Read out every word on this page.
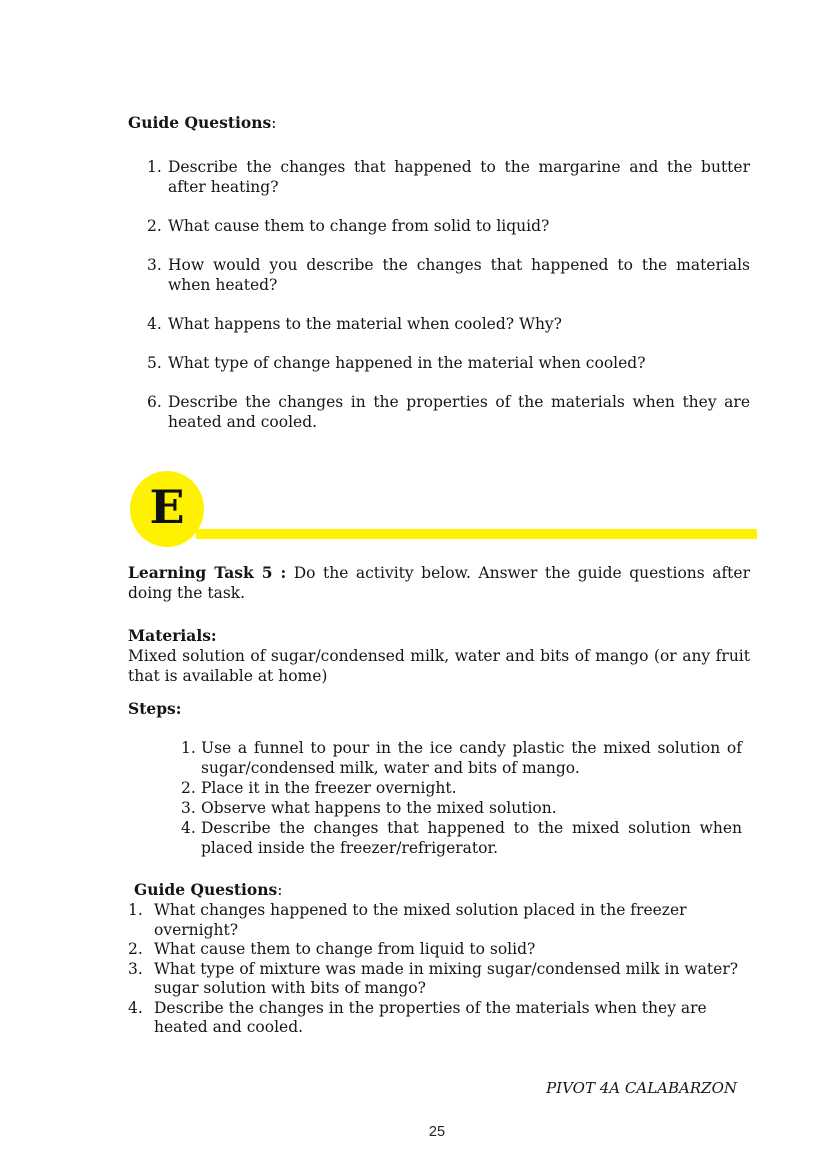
Guide Questions:
1. Describe the changes that happened to the margarine and the butter after heating?
2. What cause them to change from solid to liquid?
3. How would you describe the changes that happened to the materials when heated?
4. What happens to the material when cooled? Why?
5. What type of change happened in the material when cooled?
6. Describe the changes in the properties of the materials when they are heated and cooled.
E

Learning Task 5 : Do the activity below. Answer the guide questions after doing the task.

Materials:
Mixed solution of sugar/condensed milk, water and bits of mango (or any fruit that is available at home)
Steps:
1. Use a funnel to pour in the ice candy plastic the mixed solution of sugar/condensed milk, water and bits of mango.
2. Place it in the freezer overnight.
3. Observe what happens to the mixed solution.
4. Describe the changes that happened to the mixed solution when placed inside the freezer/refrigerator.
Guide Questions:
1. What changes happened to the mixed solution placed in the freezer overnight?
2. What cause them to change from liquid to solid?
3. What type of mixture was made in mixing sugar/condensed milk in water? sugar solution with bits of mango?
4. Describe the changes in the properties of the materials when they are heated and cooled.
PIVOT 4A CALABARZON
25
